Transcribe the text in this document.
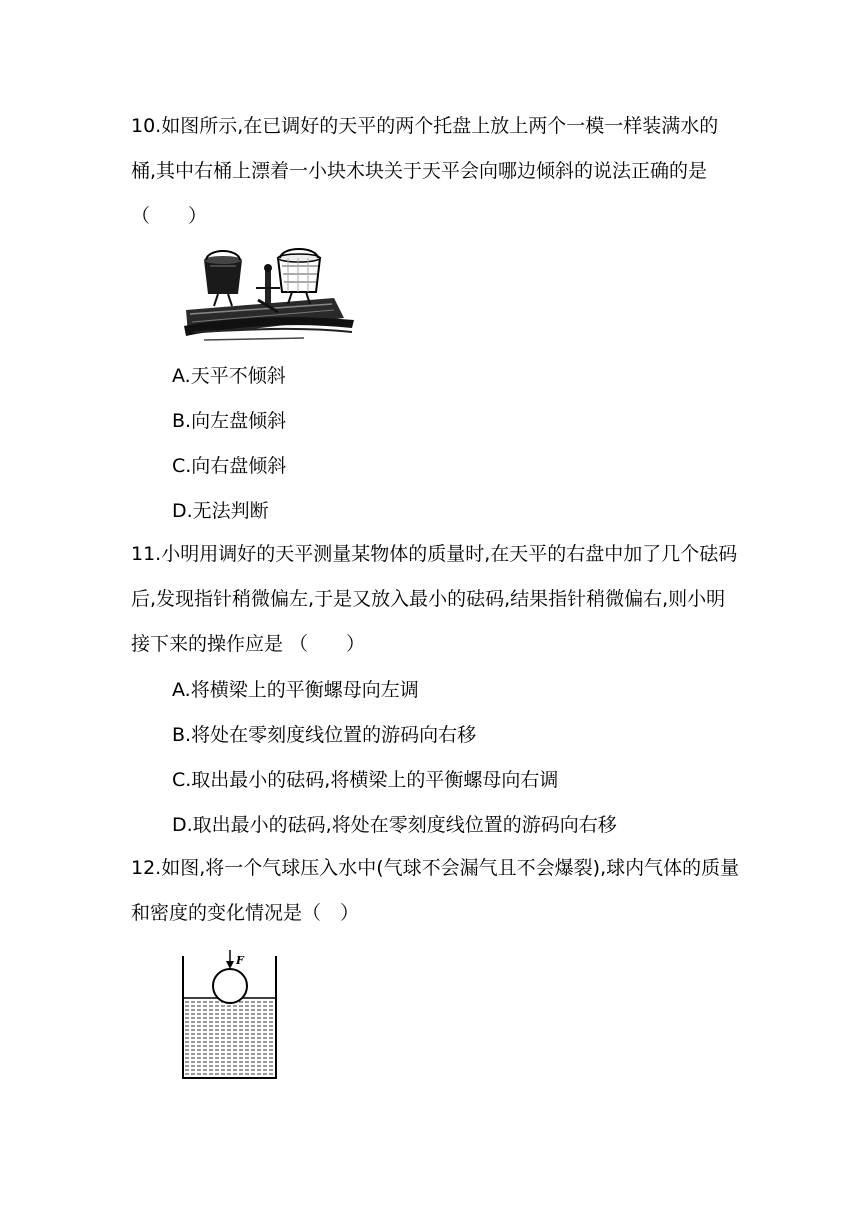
10.如图所示,在已调好的天平的两个托盘上放上两个一模一样装满水的桶,其中右桶上漂着一小块木块关于天平会向哪边倾斜的说法正确的是（　　）

A.天平不倾斜

B.向左盘倾斜

C.向右盘倾斜

D.无法判断

11.小明用调好的天平测量某物体的质量时,在天平的右盘中加了几个砝码后,发现指针稍微偏左,于是又放入最小的砝码,结果指针稍微偏右,则小明接下来的操作应是 （　　）

A.将横梁上的平衡螺母向左调

B.将处在零刻度线位置的游码向右移

C.取出最小的砝码,将横梁上的平衡螺母向右调

D.取出最小的砝码,将处在零刻度线位置的游码向右移

12.如图,将一个气球压入水中(气球不会漏气且不会爆裂),球内气体的质量和密度的变化情况是（　）

F
